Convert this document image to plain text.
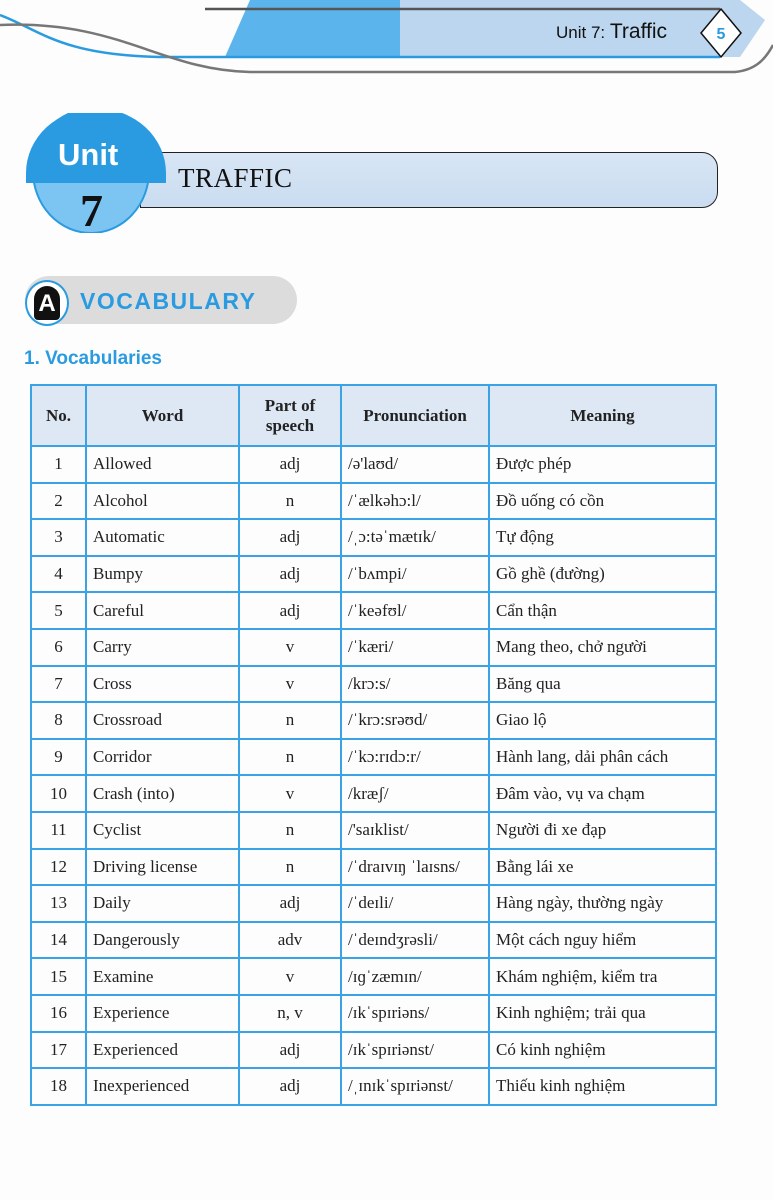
Unit 7: Traffic	5
TRAFFIC
Unit
7
A VOCABULARY
1. Vocabularies
No.	Word	Part of speech	Pronunciation	Meaning
1	Allowed	adj	/ə'laʊd/	Được phép
2	Alcohol	n	/ˈælkəhɔ:l/	Đồ uống có cồn
3	Automatic	adj	/ˌɔ:təˈmætɪk/	Tự động
4	Bumpy	adj	/ˈbʌmpi/	Gồ ghề (đường)
5	Careful	adj	/ˈkeəfʊl/	Cẩn thận
6	Carry	v	/ˈkæri/	Mang theo, chở người
7	Cross	v	/krɔ:s/	Băng qua
8	Crossroad	n	/ˈkrɔ:srəʊd/	Giao lộ
9	Corridor	n	/ˈkɔ:rɪdɔ:r/	Hành lang, dải phân cách
10	Crash (into)	v	/kræʃ/	Đâm vào, vụ va chạm
11	Cyclist	n	/'saɪklist/	Người đi xe đạp
12	Driving license	n	/ˈdraɪvɪŋ ˈlaɪsns/	Bằng lái xe
13	Daily	adj	/ˈdeɪli/	Hàng ngày, thường ngày
14	Dangerously	adv	/ˈdeɪndʒrəsli/	Một cách nguy hiểm
15	Examine	v	/ɪɡˈzæmɪn/	Khám nghiệm, kiểm tra
16	Experience	n, v	/ɪkˈspɪriəns/	Kinh nghiệm; trải qua
17	Experienced	adj	/ɪkˈspɪriənst/	Có kinh nghiệm
18	Inexperienced	adj	/ˌɪnɪkˈspɪriənst/	Thiếu kinh nghiệm
